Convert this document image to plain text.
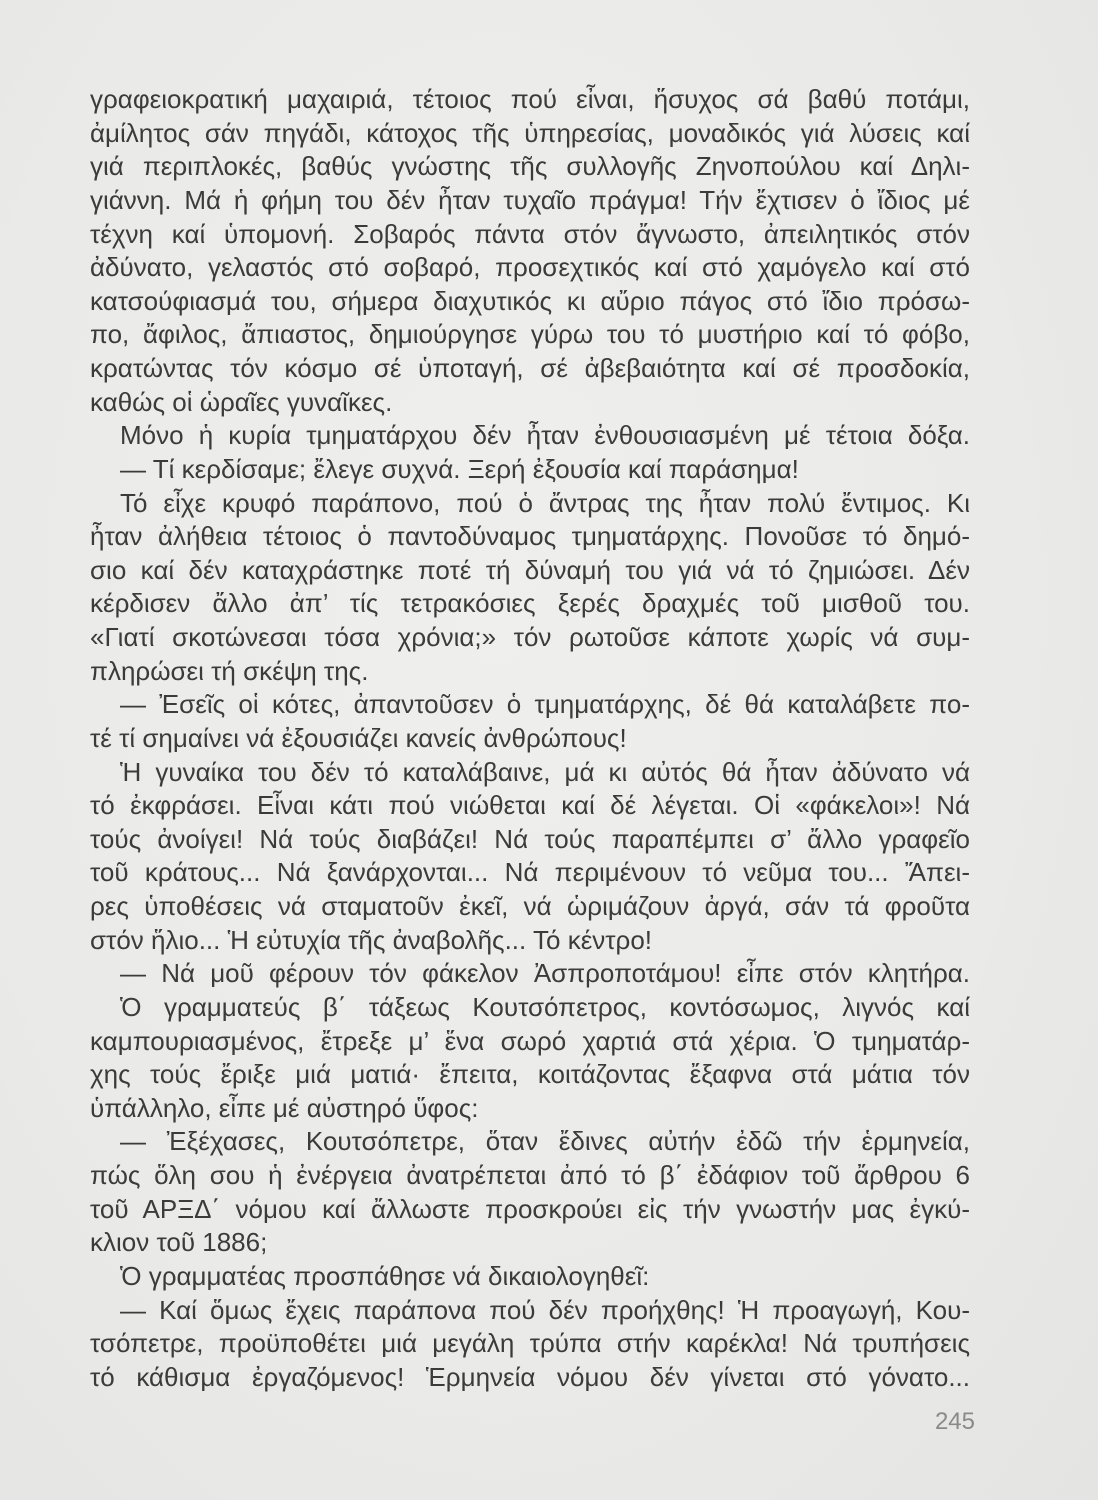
γραφειοκρατική μαχαιριά, τέτοιος πού εἶναι, ἥσυχος σά βαθύ ποτάμι,
ἀμίλητος σάν πηγάδι, κάτοχος τῆς ὑπηρεσίας, μοναδικός γιά λύσεις καί
γιά περιπλοκές, βαθύς γνώστης τῆς συλλογῆς Ζηνοπούλου καί Δηλι-
γιάννη. Μά ἡ φήμη του δέν ἦταν τυχαῖο πράγμα! Τήν ἔχτισεν ὁ ἴδιος μέ
τέχνη καί ὑπομονή. Σοβαρός πάντα στόν ἄγνωστο, ἀπειλητικός στόν
ἀδύνατο, γελαστός στό σοβαρό, προσεχτικός καί στό χαμόγελο καί στό
κατσούφιασμά του, σήμερα διαχυτικός κι αὔριο πάγος στό ἴδιο πρόσω-
πο, ἄφιλος, ἄπιαστος, δημιούργησε γύρω του τό μυστήριο καί τό φόβο,
κρατώντας τόν κόσμο σέ ὑποταγή, σέ ἀβεβαιότητα καί σέ προσδοκία,
καθώς οἱ ὡραῖες γυναῖκες.
Μόνο ἡ κυρία τμηματάρχου δέν ἦταν ἐνθουσιασμένη μέ τέτοια δόξα.
— Τί κερδίσαμε; ἔλεγε συχνά. Ξερή ἐξουσία καί παράσημα!
Τό εἶχε κρυφό παράπονο, πού ὁ ἄντρας της ἦταν πολύ ἔντιμος. Κι
ἦταν ἀλήθεια τέτοιος ὁ παντοδύναμος τμηματάρχης. Πονοῦσε τό δημό-
σιο καί δέν καταχράστηκε ποτέ τή δύναμή του γιά νά τό ζημιώσει. Δέν
κέρδισεν ἄλλο ἀπ’ τίς τετρακόσιες ξερές δραχμές τοῦ μισθοῦ του.
«Γιατί σκοτώνεσαι τόσα χρόνια;» τόν ρωτοῦσε κάποτε χωρίς νά συμ-
πληρώσει τή σκέψη της.
— Ἐσεῖς οἱ κότες, ἀπαντοῦσεν ὁ τμηματάρχης, δέ θά καταλάβετε πο-
τέ τί σημαίνει νά ἐξουσιάζει κανείς ἀνθρώπους!
Ἡ γυναίκα του δέν τό καταλάβαινε, μά κι αὐτός θά ἦταν ἀδύνατο νά
τό ἐκφράσει. Εἶναι κάτι πού νιώθεται καί δέ λέγεται. Οἱ «φάκελοι»! Νά
τούς ἀνοίγει! Νά τούς διαβάζει! Νά τούς παραπέμπει σ’ ἄλλο γραφεῖο
τοῦ κράτους... Νά ξανάρχονται... Νά περιμένουν τό νεῦμα του... Ἄπει-
ρες ὑποθέσεις νά σταματοῦν ἐκεῖ, νά ὡριμάζουν ἀργά, σάν τά φροῦτα
στόν ἥλιο... Ἡ εὐτυχία τῆς ἀναβολῆς... Τό κέντρο!
— Νά μοῦ φέρουν τόν φάκελον Ἀσπροποτάμου! εἶπε στόν κλητήρα.
Ὁ γραμματεύς β΄ τάξεως Κουτσόπετρος, κοντόσωμος, λιγνός καί
καμπουριασμένος, ἔτρεξε μ’ ἕνα σωρό χαρτιά στά χέρια. Ὁ τμηματάρ-
χης τούς ἔριξε μιά ματιά· ἔπειτα, κοιτάζοντας ἔξαφνα στά μάτια τόν
ὑπάλληλο, εἶπε μέ αὐστηρό ὕφος:
— Ἐξέχασες, Κουτσόπετρε, ὅταν ἔδινες αὐτήν ἐδῶ τήν ἑρμηνεία,
πώς ὅλη σου ἡ ἐνέργεια ἀνατρέπεται ἀπό τό β΄ ἐδάφιον τοῦ ἄρθρου 6
τοῦ ΑΡΞΔ΄ νόμου καί ἄλλωστε προσκρούει εἰς τήν γνωστήν μας ἐγκύ-
κλιον τοῦ 1886;
Ὁ γραμματέας προσπάθησε νά δικαιολογηθεῖ:
— Καί ὅμως ἔχεις παράπονα πού δέν προήχθης! Ἡ προαγωγή, Κου-
τσόπετρε, προϋποθέτει μιά μεγάλη τρύπα στήν καρέκλα! Νά τρυπήσεις
τό κάθισμα ἐργαζόμενος! Ἑρμηνεία νόμου δέν γίνεται στό γόνατο...
245
